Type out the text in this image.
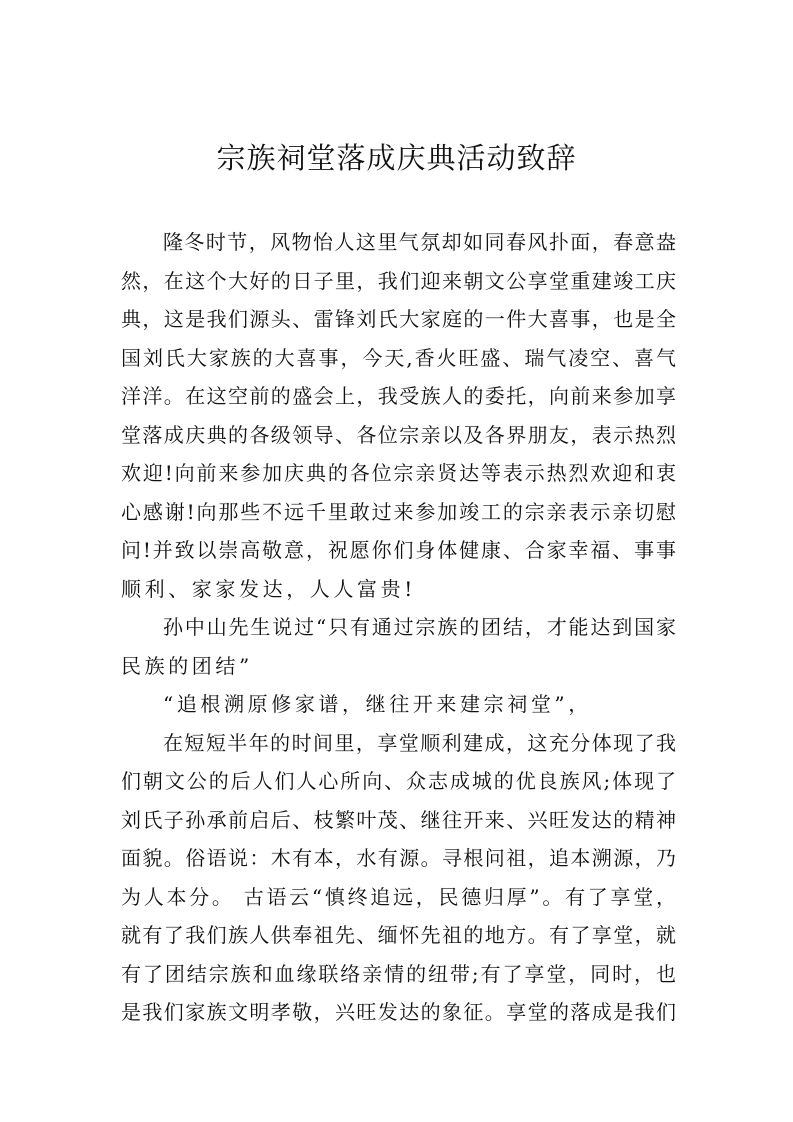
宗族祠堂落成庆典活动致辞
隆冬时节，风物怡人这里气氛却如同春风扑面，春意盎
然，在这个大好的日子里，我们迎来朝文公享堂重建竣工庆
典，这是我们源头、雷锋刘氏大家庭的一件大喜事，也是全
国刘氏大家族的大喜事，今天,香火旺盛、瑞气凌空、喜气
洋洋。在这空前的盛会上，我受族人的委托，向前来参加享
堂落成庆典的各级领导、各位宗亲以及各界朋友，表示热烈
欢迎!向前来参加庆典的各位宗亲贤达等表示热烈欢迎和衷
心感谢!向那些不远千里敢过来参加竣工的宗亲表示亲切慰
问!并致以崇高敬意，祝愿你们身体健康、合家幸福、事事
顺利、家家发达，人人富贵!
孙中山先生说过“只有通过宗族的团结，才能达到国家
民族的团结”
“追根溯原修家谱，继往开来建宗祠堂”，
在短短半年的时间里，享堂顺利建成，这充分体现了我
们朝文公的后人们人心所向、众志成城的优良族风;体现了
刘氏子孙承前启后、枝繁叶茂、继往开来、兴旺发达的精神
面貌。俗语说：木有本，水有源。寻根问祖，追本溯源，乃
为人本分。 古语云“慎终追远，民德归厚”。有了享堂，
就有了我们族人供奉祖先、缅怀先祖的地方。有了享堂，就
有了团结宗族和血缘联络亲情的纽带;有了享堂，同时，也
是我们家族文明孝敬，兴旺发达的象征。享堂的落成是我们
